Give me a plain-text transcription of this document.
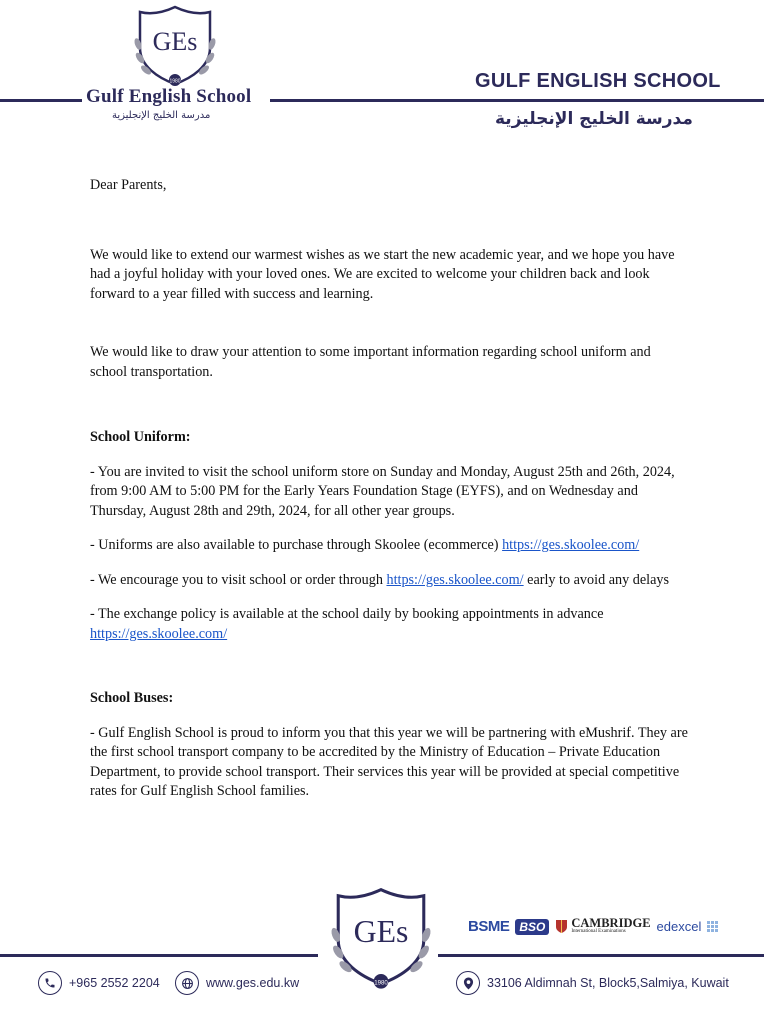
GEs
1980
Gulf English School
مدرسة الخليج الإنجليزية
GULF ENGLISH SCHOOL
مدرسة الخليج الإنجليزية

Dear Parents,

We would like to extend our warmest wishes as we start the new academic year, and we hope you have had a joyful holiday with your loved ones. We are excited to welcome your children back and look forward to a year filled with success and learning.

We would like to draw your attention to some important information regarding school uniform and school transportation.

School Uniform:

- You are invited to visit the school uniform store on Sunday and Monday, August 25th and 26th, 2024, from 9:00 AM to 5:00 PM for the Early Years Foundation Stage (EYFS), and on Wednesday and Thursday, August 28th and 29th, 2024, for all other year groups.

- Uniforms are also available to purchase through Skoolee (ecommerce) https://ges.skoolee.com/

- We encourage you to visit school or order through https://ges.skoolee.com/ early to avoid any delays

- The exchange policy is available at the school daily by booking appointments in advance https://ges.skoolee.com/

School Buses:

- Gulf English School is proud to inform you that this year we will be partnering with eMushrif. They are the first school transport company to be accredited by the Ministry of Education – Private Education Department, to provide school transport. Their services this year will be provided at special competitive rates for Gulf English School families.

GEs
1980
BSME BSO	CAMBRIDGE
International Examinations	edexcel
+965 2552 2204	www.ges.edu.kw	33106 Aldimnah St, Block5,Salmiya, Kuwait
